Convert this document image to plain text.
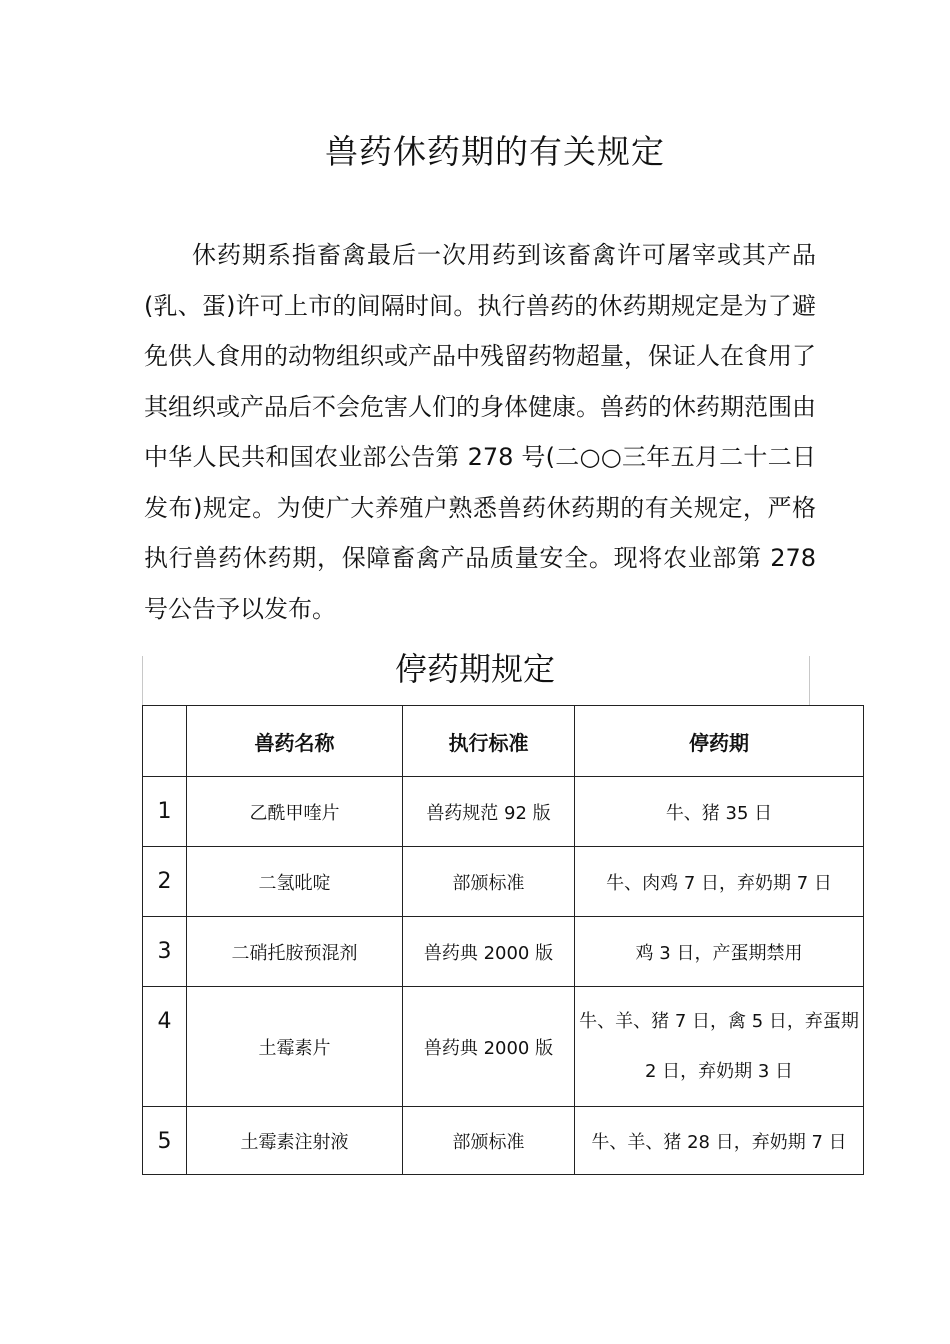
兽药休药期的有关规定

休药期系指畜禽最后一次用药到该畜禽许可屠宰或其产品(乳、蛋)许可上市的间隔时间。执行兽药的休药期规定是为了避免供人食用的动物组织或产品中残留药物超量，保证人在食用了其组织或产品后不会危害人们的身体健康。兽药的休药期范围由中华人民共和国农业部公告第 278 号(二○○三年五月二十二日发布)规定。为使广大养殖户熟悉兽药休药期的有关规定，严格执行兽药休药期，保障畜禽产品质量安全。现将农业部第 278 号公告予以发布。

停药期规定
	兽药名称	执行标准	停药期
1	乙酰甲喹片	兽药规范 92 版	牛、猪 35 日
2	二氢吡啶	部颁标准	牛、肉鸡 7 日，弃奶期 7 日
3	二硝托胺预混剂	兽药典 2000 版	鸡 3 日，产蛋期禁用
4	土霉素片	兽药典 2000 版	牛、羊、猪 7 日，禽 5 日，弃蛋期 2 日，弃奶期 3 日
5	土霉素注射液	部颁标准	牛、羊、猪 28 日，弃奶期 7 日
